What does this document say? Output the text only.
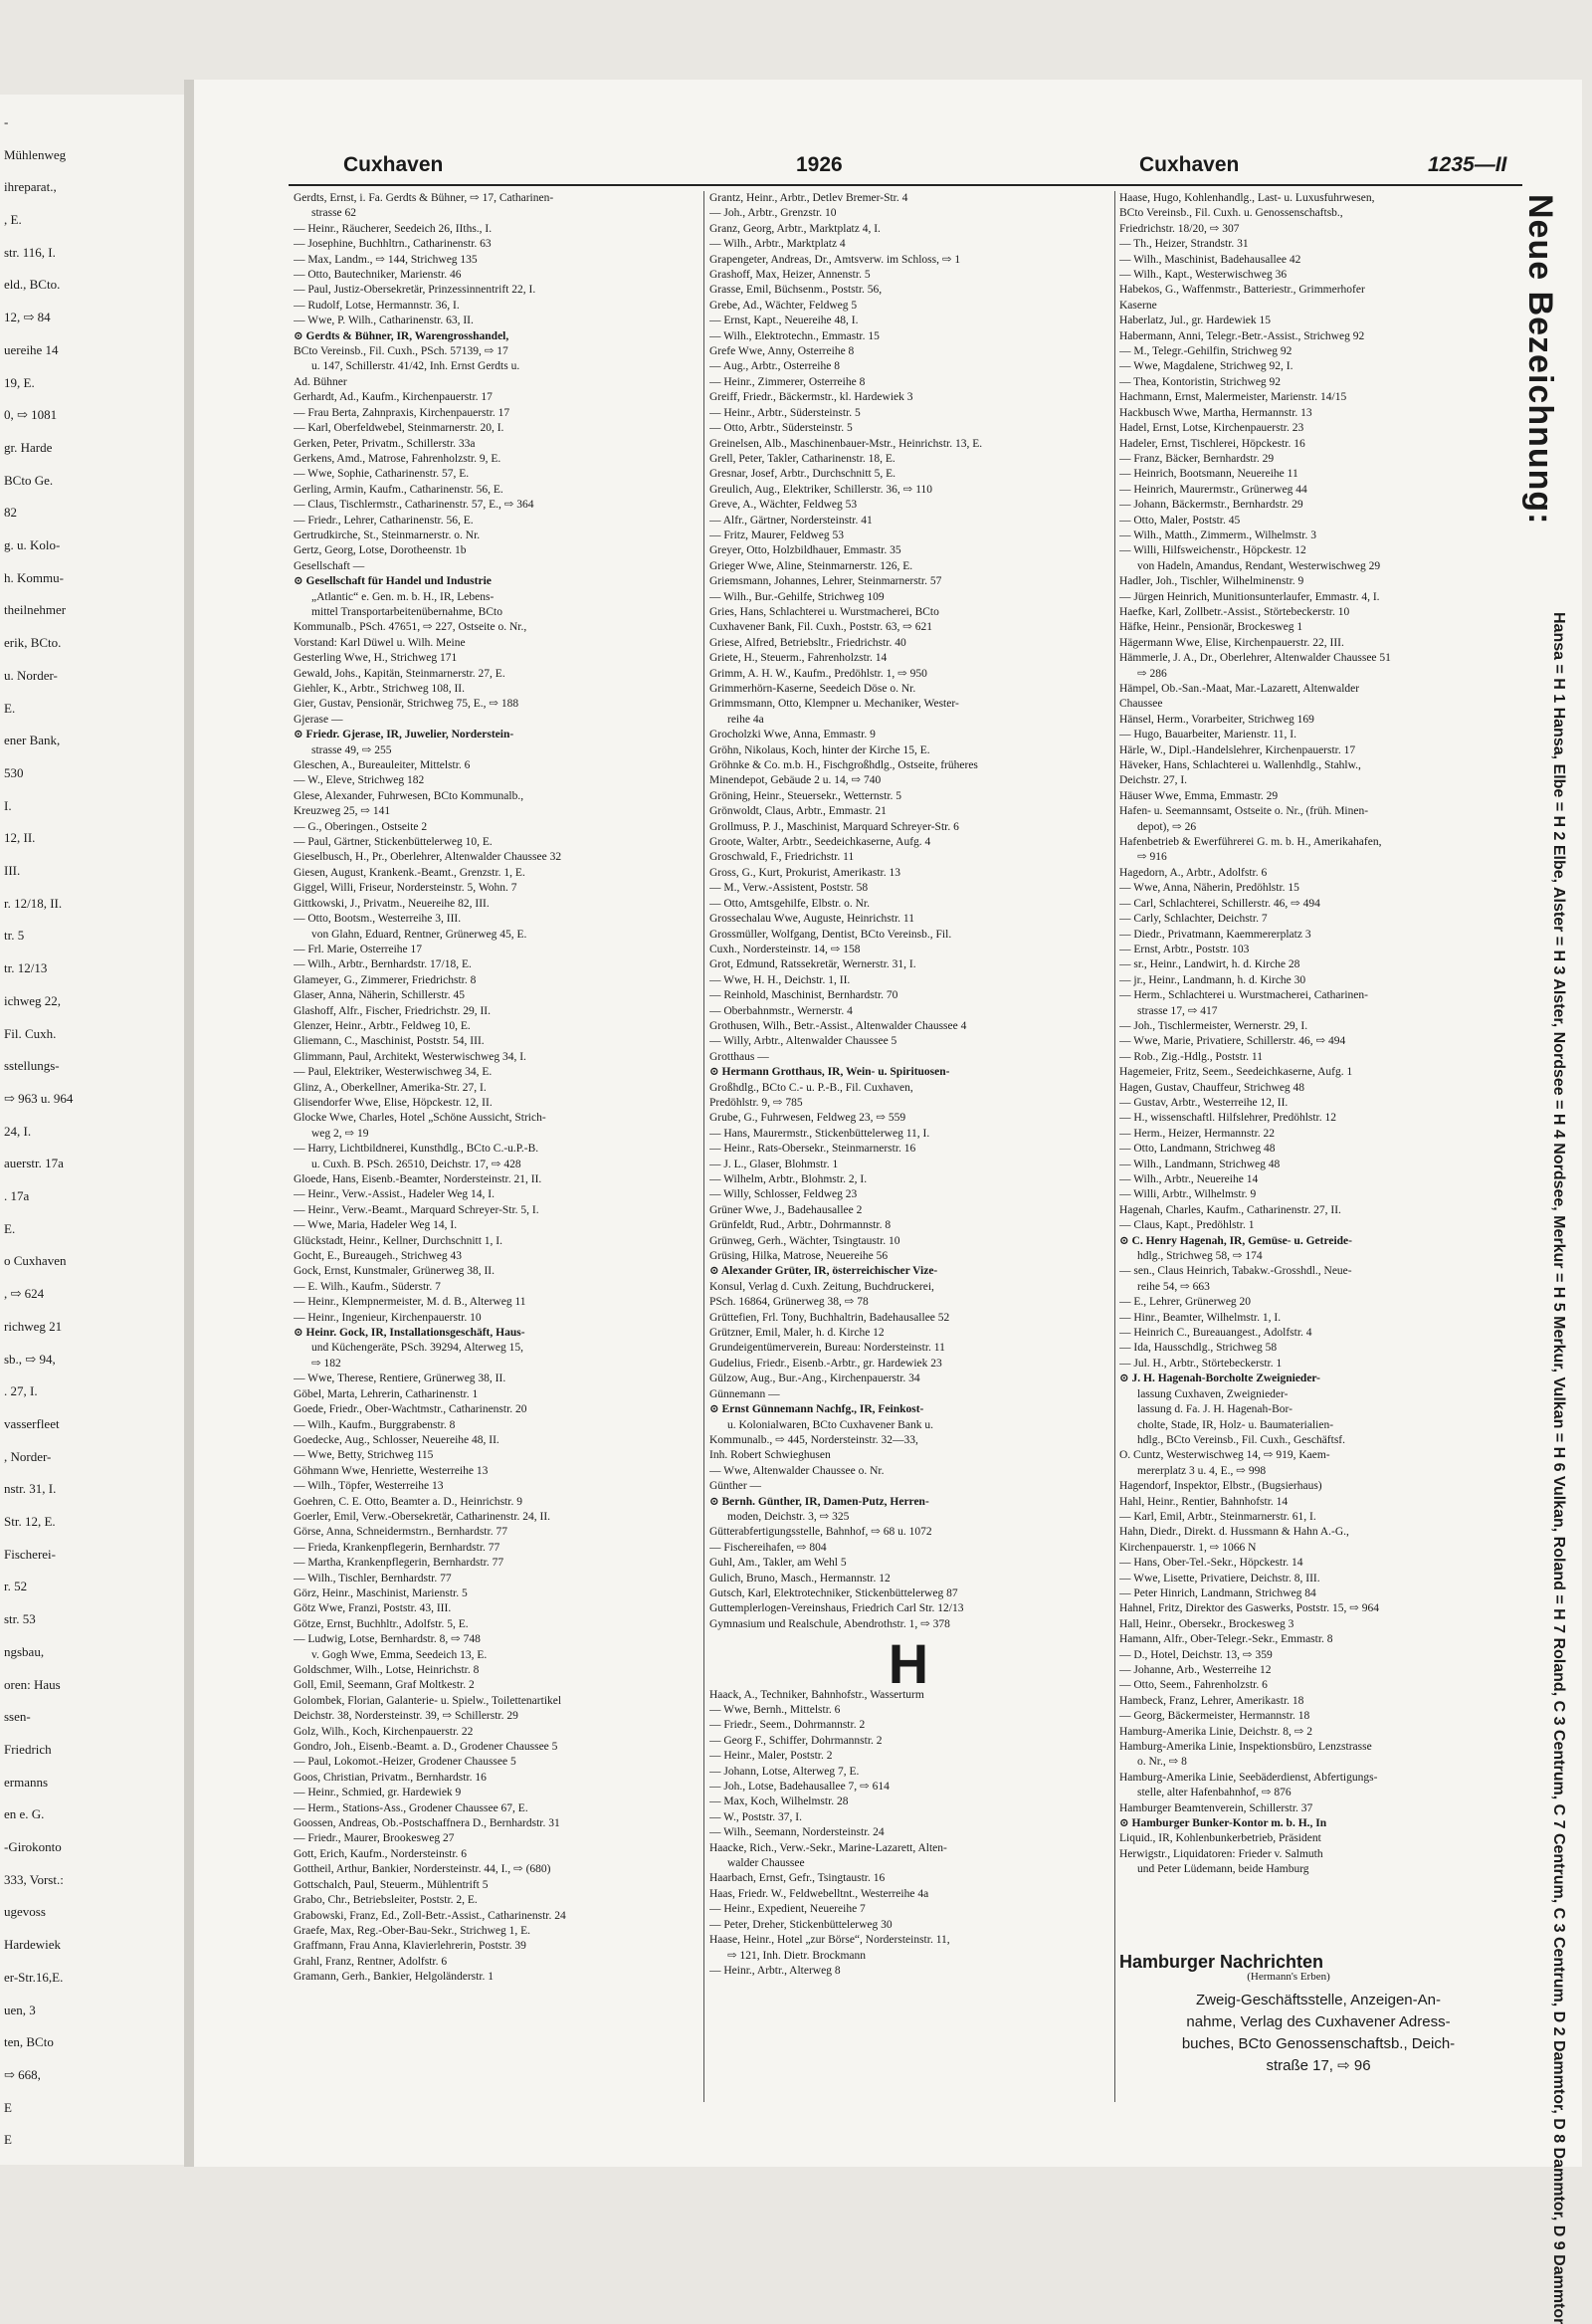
-
Mühlenweg
ihreparat.,
, E.
str. 116, I.
eld., BCto.
12, ⇨ 84
uereihe 14
19, E.
0, ⇨ 1081
gr. Harde
BCto Ge.
82
g. u. Kolo-
h. Kommu-
theilnehmer
erik, BCto.
u. Norder-
E.
ener Bank,
530
I.
12, II.
III.
r. 12/18, II.
tr. 5
tr. 12/13
ichweg 22,
Fil. Cuxh.
sstellungs-
⇨ 963 u. 964
24, I.
auerstr. 17a
. 17a
E.
o Cuxhaven
, ⇨ 624
richweg 21
sb., ⇨ 94,
. 27, I.
vasserfleet
, Norder-
nstr. 31, I.
Str. 12, E.
Fischerei-
r. 52
str. 53
ngsbau,
oren: Haus
ssen-
Friedrich
ermanns
en e. G.
-Girokonto
333, Vorst.:
ugevoss
Hardewiek
er-Str.16,E.
uen, 3
ten, BCto
⇨ 668,
E
E
Cuxhaven	1926	Cuxhaven	1235—II
Gerdts, Ernst, i. Fa. Gerdts & Bühner, ⇨ 17, Catharinen-
strasse 62
— Heinr., Räucherer, Seedeich 26, IIths., I.
— Josephine, Buchhltrn., Catharinenstr. 63
— Max, Landm., ⇨ 144, Strichweg 135
— Otto, Bautechniker, Marienstr. 46
— Paul, Justiz-Obersekretär, Prinzessinnentrift 22, I.
— Rudolf, Lotse, Hermannstr. 36, I.
— Wwe, P. Wilh., Catharinenstr. 63, II.
⊙ Gerdts & Bühner, IR, Warengrosshandel,
BCto Vereinsb., Fil. Cuxh., PSch. 57139, ⇨ 17
u. 147, Schillerstr. 41/42, Inh. Ernst Gerdts u.
Ad. Bühner
Gerhardt, Ad., Kaufm., Kirchenpauerstr. 17
— Frau Berta, Zahnpraxis, Kirchenpauerstr. 17
— Karl, Oberfeldwebel, Steinmarnerstr. 20, I.
Gerken, Peter, Privatm., Schillerstr. 33a
Gerkens, Amd., Matrose, Fahrenholzstr. 9, E.
— Wwe, Sophie, Catharinenstr. 57, E.
Gerling, Armin, Kaufm., Catharinenstr. 56, E.
— Claus, Tischlermstr., Catharinenstr. 57, E., ⇨ 364
— Friedr., Lehrer, Catharinenstr. 56, E.
Gertrudkirche, St., Steinmarnerstr. o. Nr.
Gertz, Georg, Lotse, Dorotheenstr. 1b
Gesellschaft —
⊙ Gesellschaft für Handel und Industrie
„Atlantic“ e. Gen. m. b. H., IR, Lebens-
mittel Transportarbeitenübernahme, BCto
Kommunalb., PSch. 47651, ⇨ 227, Ostseite o. Nr.,
Vorstand: Karl Düwel u. Wilh. Meine
Gesterling Wwe, H., Strichweg 171
Gewald, Johs., Kapitän, Steinmarnerstr. 27, E.
Giehler, K., Arbtr., Strichweg 108, II.
Gier, Gustav, Pensionär, Strichweg 75, E., ⇨ 188
Gjerase —
⊙ Friedr. Gjerase, IR, Juwelier, Norderstein-
strasse 49, ⇨ 255
Gleschen, A., Bureauleiter, Mittelstr. 6
— W., Eleve, Strichweg 182
Glese, Alexander, Fuhrwesen, BCto Kommunalb.,
Kreuzweg 25, ⇨ 141
— G., Oberingen., Ostseite 2
— Paul, Gärtner, Stickenbüttelerweg 10, E.
Gieselbusch, H., Pr., Oberlehrer, Altenwalder Chaussee 32
Giesen, August, Krankenk.-Beamt., Grenzstr. 1, E.
Giggel, Willi, Friseur, Nordersteinstr. 5, Wohn. 7
Gittkowski, J., Privatm., Neuereihe 82, III.
— Otto, Bootsm., Westerreihe 3, III.
von Glahn, Eduard, Rentner, Grünerweg 45, E.
— Frl. Marie, Osterreihe 17
— Wilh., Arbtr., Bernhardstr. 17/18, E.
Glameyer, G., Zimmerer, Friedrichstr. 8
Glaser, Anna, Näherin, Schillerstr. 45
Glashoff, Alfr., Fischer, Friedrichstr. 29, II.
Glenzer, Heinr., Arbtr., Feldweg 10, E.
Gliemann, C., Maschinist, Poststr. 54, III.
Glimmann, Paul, Architekt, Westerwischweg 34, I.
— Paul, Elektriker, Westerwischweg 34, E.
Glinz, A., Oberkellner, Amerika-Str. 27, I.
Glisendorfer Wwe, Elise, Höpckestr. 12, II.
Glocke Wwe, Charles, Hotel „Schöne Aussicht, Strich-
weg 2, ⇨ 19
— Harry, Lichtbildnerei, Kunsthdlg., BCto C.-u.P.-B.
u. Cuxh. B. PSch. 26510, Deichstr. 17, ⇨ 428
Gloede, Hans, Eisenb.-Beamter, Nordersteinstr. 21, II.
— Heinr., Verw.-Assist., Hadeler Weg 14, I.
— Heinr., Verw.-Beamt., Marquard Schreyer-Str. 5, I.
— Wwe, Maria, Hadeler Weg 14, I.
Glückstadt, Heinr., Kellner, Durchschnitt 1, I.
Gocht, E., Bureaugeh., Strichweg 43
Gock, Ernst, Kunstmaler, Grünerweg 38, II.
— E. Wilh., Kaufm., Süderstr. 7
— Heinr., Klempnermeister, M. d. B., Alterweg 11
— Heinr., Ingenieur, Kirchenpauerstr. 10
⊙ Heinr. Gock, IR, Installationsgeschäft, Haus-
und Küchengeräte, PSch. 39294, Alterweg 15,
⇨ 182
— Wwe, Therese, Rentiere, Grünerweg 38, II.
Göbel, Marta, Lehrerin, Catharinenstr. 1
Goede, Friedr., Ober-Wachtmstr., Catharinenstr. 20
— Wilh., Kaufm., Burggrabenstr. 8
Goedecke, Aug., Schlosser, Neuereihe 48, II.
— Wwe, Betty, Strichweg 115
Göhmann Wwe, Henriette, Westerreihe 13
— Wilh., Töpfer, Westerreihe 13
Goehren, C. E. Otto, Beamter a. D., Heinrichstr. 9
Goerler, Emil, Verw.-Obersekretär, Catharinenstr. 24, II.
Görse, Anna, Schneidermstrn., Bernhardstr. 77
— Frieda, Krankenpflegerin, Bernhardstr. 77
— Martha, Krankenpflegerin, Bernhardstr. 77
— Wilh., Tischler, Bernhardstr. 77
Görz, Heinr., Maschinist, Marienstr. 5
Götz Wwe, Franzi, Poststr. 43, III.
Götze, Ernst, Buchhltr., Adolfstr. 5, E.
— Ludwig, Lotse, Bernhardstr. 8, ⇨ 748
v. Gogh Wwe, Emma, Seedeich 13, E.
Goldschmer, Wilh., Lotse, Heinrichstr. 8
Goll, Emil, Seemann, Graf Moltkestr. 2
Golombek, Florian, Galanterie- u. Spielw., Toilettenartikel
Deichstr. 38, Nordersteinstr. 39, ⇨ Schillerstr. 29
Golz, Wilh., Koch, Kirchenpauerstr. 22
Gondro, Joh., Eisenb.-Beamt. a. D., Grodener Chaussee 5
— Paul, Lokomot.-Heizer, Grodener Chaussee 5
Goos, Christian, Privatm., Bernhardstr. 16
— Heinr., Schmied, gr. Hardewiek 9
— Herm., Stations-Ass., Grodener Chaussee 67, E.
Goossen, Andreas, Ob.-Postschaffnera D., Bernhardstr. 31
— Friedr., Maurer, Brookesweg 27
Gott, Erich, Kaufm., Nordersteinstr. 6
Gottheil, Arthur, Bankier, Nordersteinstr. 44, I., ⇨ (680)
Gottschalch, Paul, Steuerm., Mühlentrift 5
Grabo, Chr., Betriebsleiter, Poststr. 2, E.
Grabowski, Franz, Ed., Zoll-Betr.-Assist., Catharinenstr. 24
Graefe, Max, Reg.-Ober-Bau-Sekr., Strichweg 1, E.
Graffmann, Frau Anna, Klavierlehrerin, Poststr. 39
Grahl, Franz, Rentner, Adolfstr. 6
Gramann, Gerh., Bankier, Helgoländerstr. 1
Grantz, Heinr., Arbtr., Detlev Bremer-Str. 4
— Joh., Arbtr., Grenzstr. 10
Granz, Georg, Arbtr., Marktplatz 4, I.
— Wilh., Arbtr., Marktplatz 4
Grapengeter, Andreas, Dr., Amtsverw. im Schloss, ⇨ 1
Grashoff, Max, Heizer, Annenstr. 5
Grasse, Emil, Büchsenm., Poststr. 56,
Grebe, Ad., Wächter, Feldweg 5
— Ernst, Kapt., Neuereihe 48, I.
— Wilh., Elektrotechn., Emmastr. 15
Grefe Wwe, Anny, Osterreihe 8
— Aug., Arbtr., Osterreihe 8
— Heinr., Zimmerer, Osterreihe 8
Greiff, Friedr., Bäckermstr., kl. Hardewiek 3
— Heinr., Arbtr., Südersteinstr. 5
— Otto, Arbtr., Südersteinstr. 5
Greinelsen, Alb., Maschinenbauer-Mstr., Heinrichstr. 13, E.
Grell, Peter, Takler, Catharinenstr. 18, E.
Gresnar, Josef, Arbtr., Durchschnitt 5, E.
Greulich, Aug., Elektriker, Schillerstr. 36, ⇨ 110
Greve, A., Wächter, Feldweg 53
— Alfr., Gärtner, Nordersteinstr. 41
— Fritz, Maurer, Feldweg 53
Greyer, Otto, Holzbildhauer, Emmastr. 35
Grieger Wwe, Aline, Steinmarnerstr. 126, E.
Griemsmann, Johannes, Lehrer, Steinmarnerstr. 57
— Wilh., Bur.-Gehilfe, Strichweg 109
Gries, Hans, Schlachterei u. Wurstmacherei, BCto
Cuxhavener Bank, Fil. Cuxh., Poststr. 63, ⇨ 621
Griese, Alfred, Betriebsltr., Friedrichstr. 40
Griete, H., Steuerm., Fahrenholzstr. 14
Grimm, A. H. W., Kaufm., Predöhlstr. 1, ⇨ 950
Grimmerhörn-Kaserne, Seedeich Döse o. Nr.
Grimmsmann, Otto, Klempner u. Mechaniker, Wester-
reihe 4a
Grocholzki Wwe, Anna, Emmastr. 9
Gröhn, Nikolaus, Koch, hinter der Kirche 15, E.
Gröhnke & Co. m.b. H., Fischgroßhdlg., Ostseite, früheres
Minendepot, Gebäude 2 u. 14, ⇨ 740
Gröning, Heinr., Steuersekr., Wetternstr. 5
Grönwoldt, Claus, Arbtr., Emmastr. 21
Grollmuss, P. J., Maschinist, Marquard Schreyer-Str. 6
Groote, Walter, Arbtr., Seedeichkaserne, Aufg. 4
Groschwald, F., Friedrichstr. 11
Gross, G., Kurt, Prokurist, Amerikastr. 13
— M., Verw.-Assistent, Poststr. 58
— Otto, Amtsgehilfe, Elbstr. o. Nr.
Grossechalau Wwe, Auguste, Heinrichstr. 11
Grossmüller, Wolfgang, Dentist, BCto Vereinsb., Fil.
Cuxh., Nordersteinstr. 14, ⇨ 158
Grot, Edmund, Ratssekretär, Wernerstr. 31, I.
— Wwe, H. H., Deichstr. 1, II.
— Reinhold, Maschinist, Bernhardstr. 70
— Oberbahnmstr., Wernerstr. 4
Grothusen, Wilh., Betr.-Assist., Altenwalder Chaussee 4
— Willy, Arbtr., Altenwalder Chaussee 5
Grotthaus —
⊙ Hermann Grotthaus, IR, Wein- u. Spirituosen-
Großhdlg., BCto C.- u. P.-B., Fil. Cuxhaven,
Predöhlstr. 9, ⇨ 785
Grube, G., Fuhrwesen, Feldweg 23, ⇨ 559
— Hans, Maurermstr., Stickenbüttelerweg 11, I.
— Heinr., Rats-Obersekr., Steinmarnerstr. 16
— J. L., Glaser, Blohmstr. 1
— Wilhelm, Arbtr., Blohmstr. 2, I.
— Willy, Schlosser, Feldweg 23
Grüner Wwe, J., Badehausallee 2
Grünfeldt, Rud., Arbtr., Dohrmannstr. 8
Grünweg, Gerh., Wächter, Tsingtaustr. 10
Grüsing, Hilka, Matrose, Neuereihe 56
⊙ Alexander Grüter, IR, österreichischer Vize-
Konsul, Verlag d. Cuxh. Zeitung, Buchdruckerei,
PSch. 16864, Grünerweg 38, ⇨ 78
Grüttefien, Frl. Tony, Buchhaltrin, Badehausallee 52
Grützner, Emil, Maler, h. d. Kirche 12
Grundeigentümerverein, Bureau: Nordersteinstr. 11
Gudelius, Friedr., Eisenb.-Arbtr., gr. Hardewiek 23
Gülzow, Aug., Bur.-Ang., Kirchenpauerstr. 34
Günnemann —
⊙ Ernst Günnemann Nachfg., IR, Feinkost-
u. Kolonialwaren, BCto Cuxhavener Bank u.
Kommunalb., ⇨ 445, Nordersteinstr. 32—33,
Inh. Robert Schwieghusen
— Wwe, Altenwalder Chaussee o. Nr.
Günther —
⊙ Bernh. Günther, IR, Damen-Putz, Herren-
moden, Deichstr. 3, ⇨ 325
Gütterabfertigungsstelle, Bahnhof, ⇨ 68 u. 1072
— Fischereihafen, ⇨ 804
Guhl, Am., Takler, am Wehl 5
Gulich, Bruno, Masch., Hermannstr. 12
Gutsch, Karl, Elektrotechniker, Stickenbüttelerweg 87
Guttemplerlogen-Vereinshaus, Friedrich Carl Str. 12/13
Gymnasium und Realschule, Abendrothstr. 1, ⇨ 378
H
Haack, A., Techniker, Bahnhofstr., Wasserturm
— Wwe, Bernh., Mittelstr. 6
— Friedr., Seem., Dohrmannstr. 2
— Georg F., Schiffer, Dohrmannstr. 2
— Heinr., Maler, Poststr. 2
— Johann, Lotse, Alterweg 7, E.
— Joh., Lotse, Badehausallee 7, ⇨ 614
— Max, Koch, Wilhelmstr. 28
— W., Poststr. 37, I.
— Wilh., Seemann, Nordersteinstr. 24
Haacke, Rich., Verw.-Sekr., Marine-Lazarett, Alten-
walder Chaussee
Haarbach, Ernst, Gefr., Tsingtaustr. 16
Haas, Friedr. W., Feldwebelltnt., Westerreihe 4a
— Heinr., Expedient, Neuereihe 7
— Peter, Dreher, Stickenbüttelerweg 30
Haase, Heinr., Hotel „zur Börse“, Nordersteinstr. 11,
⇨ 121, Inh. Dietr. Brockmann
— Heinr., Arbtr., Alterweg 8
Haase, Hugo, Kohlenhandlg., Last- u. Luxusfuhrwesen,
BCto Vereinsb., Fil. Cuxh. u. Genossenschaftsb.,
Friedrichstr. 18/20, ⇨ 307
— Th., Heizer, Strandstr. 31
— Wilh., Maschinist, Badehausallee 42
— Wilh., Kapt., Westerwischweg 36
Habekos, G., Waffenmstr., Batteriestr., Grimmerhofer
Kaserne
Haberlatz, Jul., gr. Hardewiek 15
Habermann, Anni, Telegr.-Betr.-Assist., Strichweg 92
— M., Telegr.-Gehilfin, Strichweg 92
— Wwe, Magdalene, Strichweg 92, I.
— Thea, Kontoristin, Strichweg 92
Hachmann, Ernst, Malermeister, Marienstr. 14/15
Hackbusch Wwe, Martha, Hermannstr. 13
Hadel, Ernst, Lotse, Kirchenpauerstr. 23
Hadeler, Ernst, Tischlerei, Höpckestr. 16
— Franz, Bäcker, Bernhardstr. 29
— Heinrich, Bootsmann, Neuereihe 11
— Heinrich, Maurermstr., Grünerweg 44
— Johann, Bäckermstr., Bernhardstr. 29
— Otto, Maler, Poststr. 45
— Wilh., Matth., Zimmerm., Wilhelmstr. 3
— Willi, Hilfsweichenstr., Höpckestr. 12
von Hadeln, Amandus, Rendant, Westerwischweg 29
Hadler, Joh., Tischler, Wilhelminenstr. 9
— Jürgen Heinrich, Munitionsunterlaufer, Emmastr. 4, I.
Haefke, Karl, Zollbetr.-Assist., Störtebeckerstr. 10
Häfke, Heinr., Pensionär, Brockesweg 1
Hägermann Wwe, Elise, Kirchenpauerstr. 22, III.
Hämmerle, J. A., Dr., Oberlehrer, Altenwalder Chaussee 51
⇨ 286
Hämpel, Ob.-San.-Maat, Mar.-Lazarett, Altenwalder
Chaussee
Hänsel, Herm., Vorarbeiter, Strichweg 169
— Hugo, Bauarbeiter, Marienstr. 11, I.
Härle, W., Dipl.-Handelslehrer, Kirchenpauerstr. 17
Häveker, Hans, Schlachterei u. Wallenhdlg., Stahlw.,
Deichstr. 27, I.
Häuser Wwe, Emma, Emmastr. 29
Hafen- u. Seemannsamt, Ostseite o. Nr., (früh. Minen-
depot), ⇨ 26
Hafenbetrieb & Ewerführerei G. m. b. H., Amerikahafen,
⇨ 916
Hagedorn, A., Arbtr., Adolfstr. 6
— Wwe, Anna, Näherin, Predöhlstr. 15
— Carl, Schlachterei, Schillerstr. 46, ⇨ 494
— Carly, Schlachter, Deichstr. 7
— Diedr., Privatmann, Kaemmererplatz 3
— Ernst, Arbtr., Poststr. 103
— sr., Heinr., Landwirt, h. d. Kirche 28
— jr., Heinr., Landmann, h. d. Kirche 30
— Herm., Schlachterei u. Wurstmacherei, Catharinen-
strasse 17, ⇨ 417
— Joh., Tischlermeister, Wernerstr. 29, I.
— Wwe, Marie, Privatiere, Schillerstr. 46, ⇨ 494
— Rob., Zig.-Hdlg., Poststr. 11
Hagemeier, Fritz, Seem., Seedeichkaserne, Aufg. 1
Hagen, Gustav, Chauffeur, Strichweg 48
— Gustav, Arbtr., Westerreihe 12, II.
— H., wissenschaftl. Hilfslehrer, Predöhlstr. 12
— Herm., Heizer, Hermannstr. 22
— Otto, Landmann, Strichweg 48
— Wilh., Landmann, Strichweg 48
— Wilh., Arbtr., Neuereihe 14
— Willi, Arbtr., Wilhelmstr. 9
Hagenah, Charles, Kaufm., Catharinenstr. 27, II.
— Claus, Kapt., Predöhlstr. 1
⊙ C. Henry Hagenah, IR, Gemüse- u. Getreide-
hdlg., Strichweg 58, ⇨ 174
— sen., Claus Heinrich, Tabakw.-Grosshdl., Neue-
reihe 54, ⇨ 663
— E., Lehrer, Grünerweg 20
— Hinr., Beamter, Wilhelmstr. 1, I.
— Heinrich C., Bureauangest., Adolfstr. 4
— Ida, Hausschdlg., Strichweg 58
— Jul. H., Arbtr., Störtebeckerstr. 1
⊙ J. H. Hagenah-Borcholte Zweignieder-
lassung Cuxhaven, Zweignieder-
lassung d. Fa. J. H. Hagenah-Bor-
cholte, Stade, IR, Holz- u. Baumaterialien-
hdlg., BCto Vereinsb., Fil. Cuxh., Geschäftsf.
O. Cuntz, Westerwischweg 14, ⇨ 919, Kaem-
mererplatz 3 u. 4, E., ⇨ 998
Hagendorf, Inspektor, Elbstr., (Bugsierhaus)
Hahl, Heinr., Rentier, Bahnhofstr. 14
— Karl, Emil, Arbtr., Steinmarnerstr. 61, I.
Hahn, Diedr., Direkt. d. Hussmann & Hahn A.-G.,
Kirchenpauerstr. 1, ⇨ 1066 N
— Hans, Ober-Tel.-Sekr., Höpckestr. 14
— Wwe, Lisette, Privatiere, Deichstr. 8, III.
— Peter Hinrich, Landmann, Strichweg 84
Hahnel, Fritz, Direktor des Gaswerks, Poststr. 15, ⇨ 964
Hall, Heinr., Obersekr., Brockesweg 3
Hamann, Alfr., Ober-Telegr.-Sekr., Emmastr. 8
— D., Hotel, Deichstr. 13, ⇨ 359
— Johanne, Arb., Westerreihe 12
— Otto, Seem., Fahrenholzstr. 6
Hambeck, Franz, Lehrer, Amerikastr. 18
— Georg, Bäckermeister, Hermannstr. 18
Hamburg-Amerika Linie, Deichstr. 8, ⇨ 2
Hamburg-Amerika Linie, Inspektionsbüro, Lenzstrasse
o. Nr., ⇨ 8
Hamburg-Amerika Linie, Seebäderdienst, Abfertigungs-
stelle, alter Hafenbahnhof, ⇨ 876
Hamburger Beamtenverein, Schillerstr. 37
⊙ Hamburger Bunker-Kontor m. b. H., In
Liquid., IR, Kohlenbunkerbetrieb, Präsident
Herwigstr., Liquidatoren: Frieder v. Salmuth
und Peter Lüdemann, beide Hamburg
Hamburger Nachrichten
(Hermann's Erben)
Zweig-Geschäftsstelle, Anzeigen-An-
nahme, Verlag des Cuxhavener Adress-
buches, BCto Genossenschaftsb., Deich-
straße 17, ⇨ 96
Neue Bezeichnung:
Hansa = H 1 Hansa, Elbe = H 2 Elbe, Alster = H 3 Alster, Nordsee = H 4 Nordsee, Merkur = H 5 Merkur, Vulkan = H 6 Vulkan, Roland = H 7 Roland, C 3 Centrum, C 7 Centrum, C 3 Centrum, D 2 Dammtor, D 8 Dammtor, D 9 Dammtor
